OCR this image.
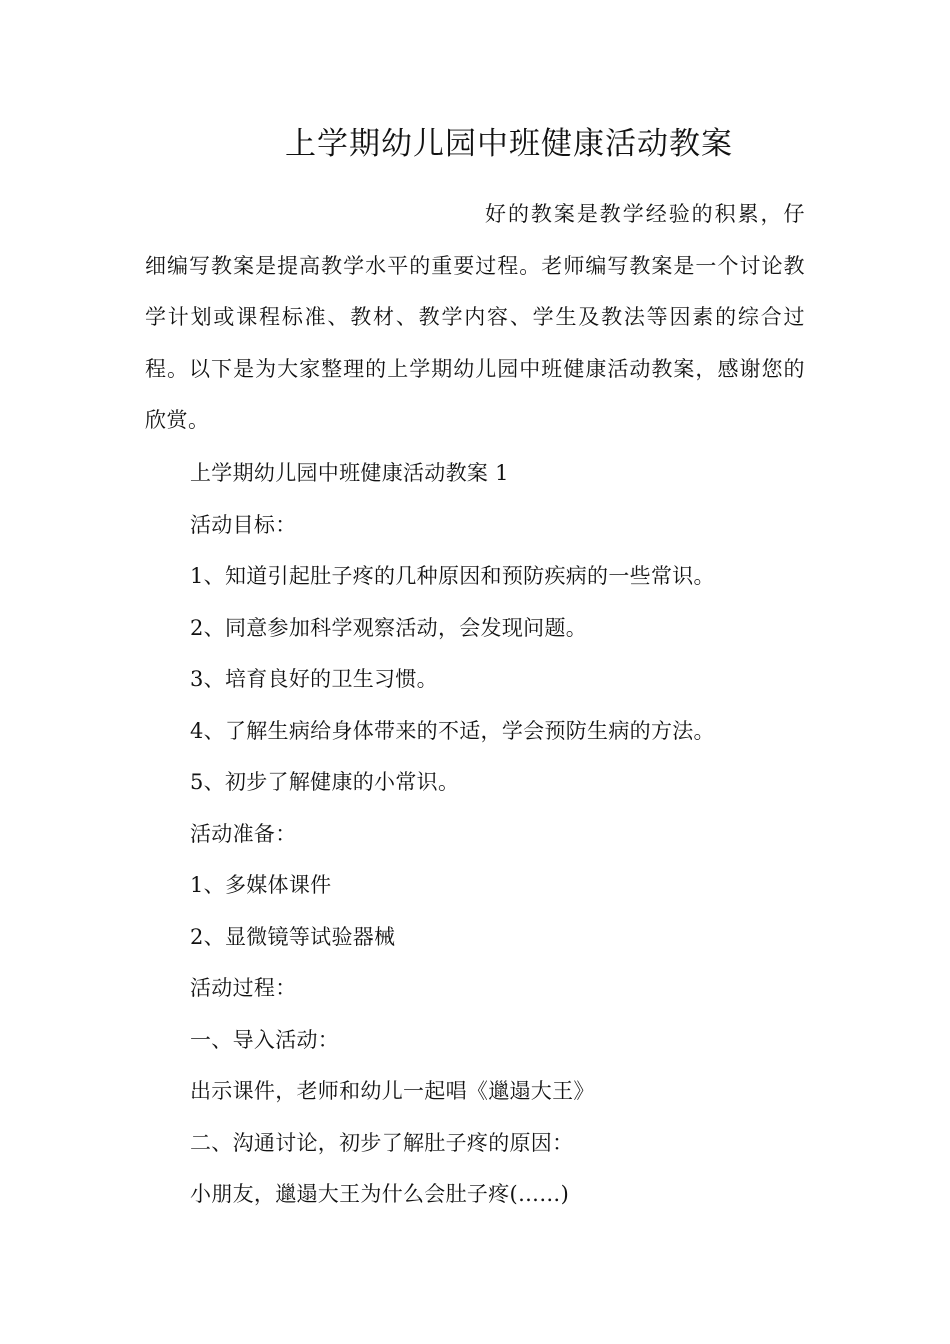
上学期幼儿园中班健康活动教案

好的教案是教学经验的积累，仔细编写教案是提高教学水平的重要过程。老师编写教案是一个讨论教学计划或课程标准、教材、教学内容、学生及教法等因素的综合过程。以下是为大家整理的上学期幼儿园中班健康活动教案，感谢您的欣赏。

上学期幼儿园中班健康活动教案 1
活动目标：
1、知道引起肚子疼的几种原因和预防疾病的一些常识。
2、同意参加科学观察活动，会发现问题。
3、培育良好的卫生习惯。
4、了解生病给身体带来的不适，学会预防生病的方法。
5、初步了解健康的小常识。
活动准备：
1、多媒体课件
2、显微镜等试验器械
活动过程：
一、导入活动：
出示课件，老师和幼儿一起唱《邋遢大王》
二、沟通讨论，初步了解肚子疼的原因：
小朋友，邋遢大王为什么会肚子疼(……)
